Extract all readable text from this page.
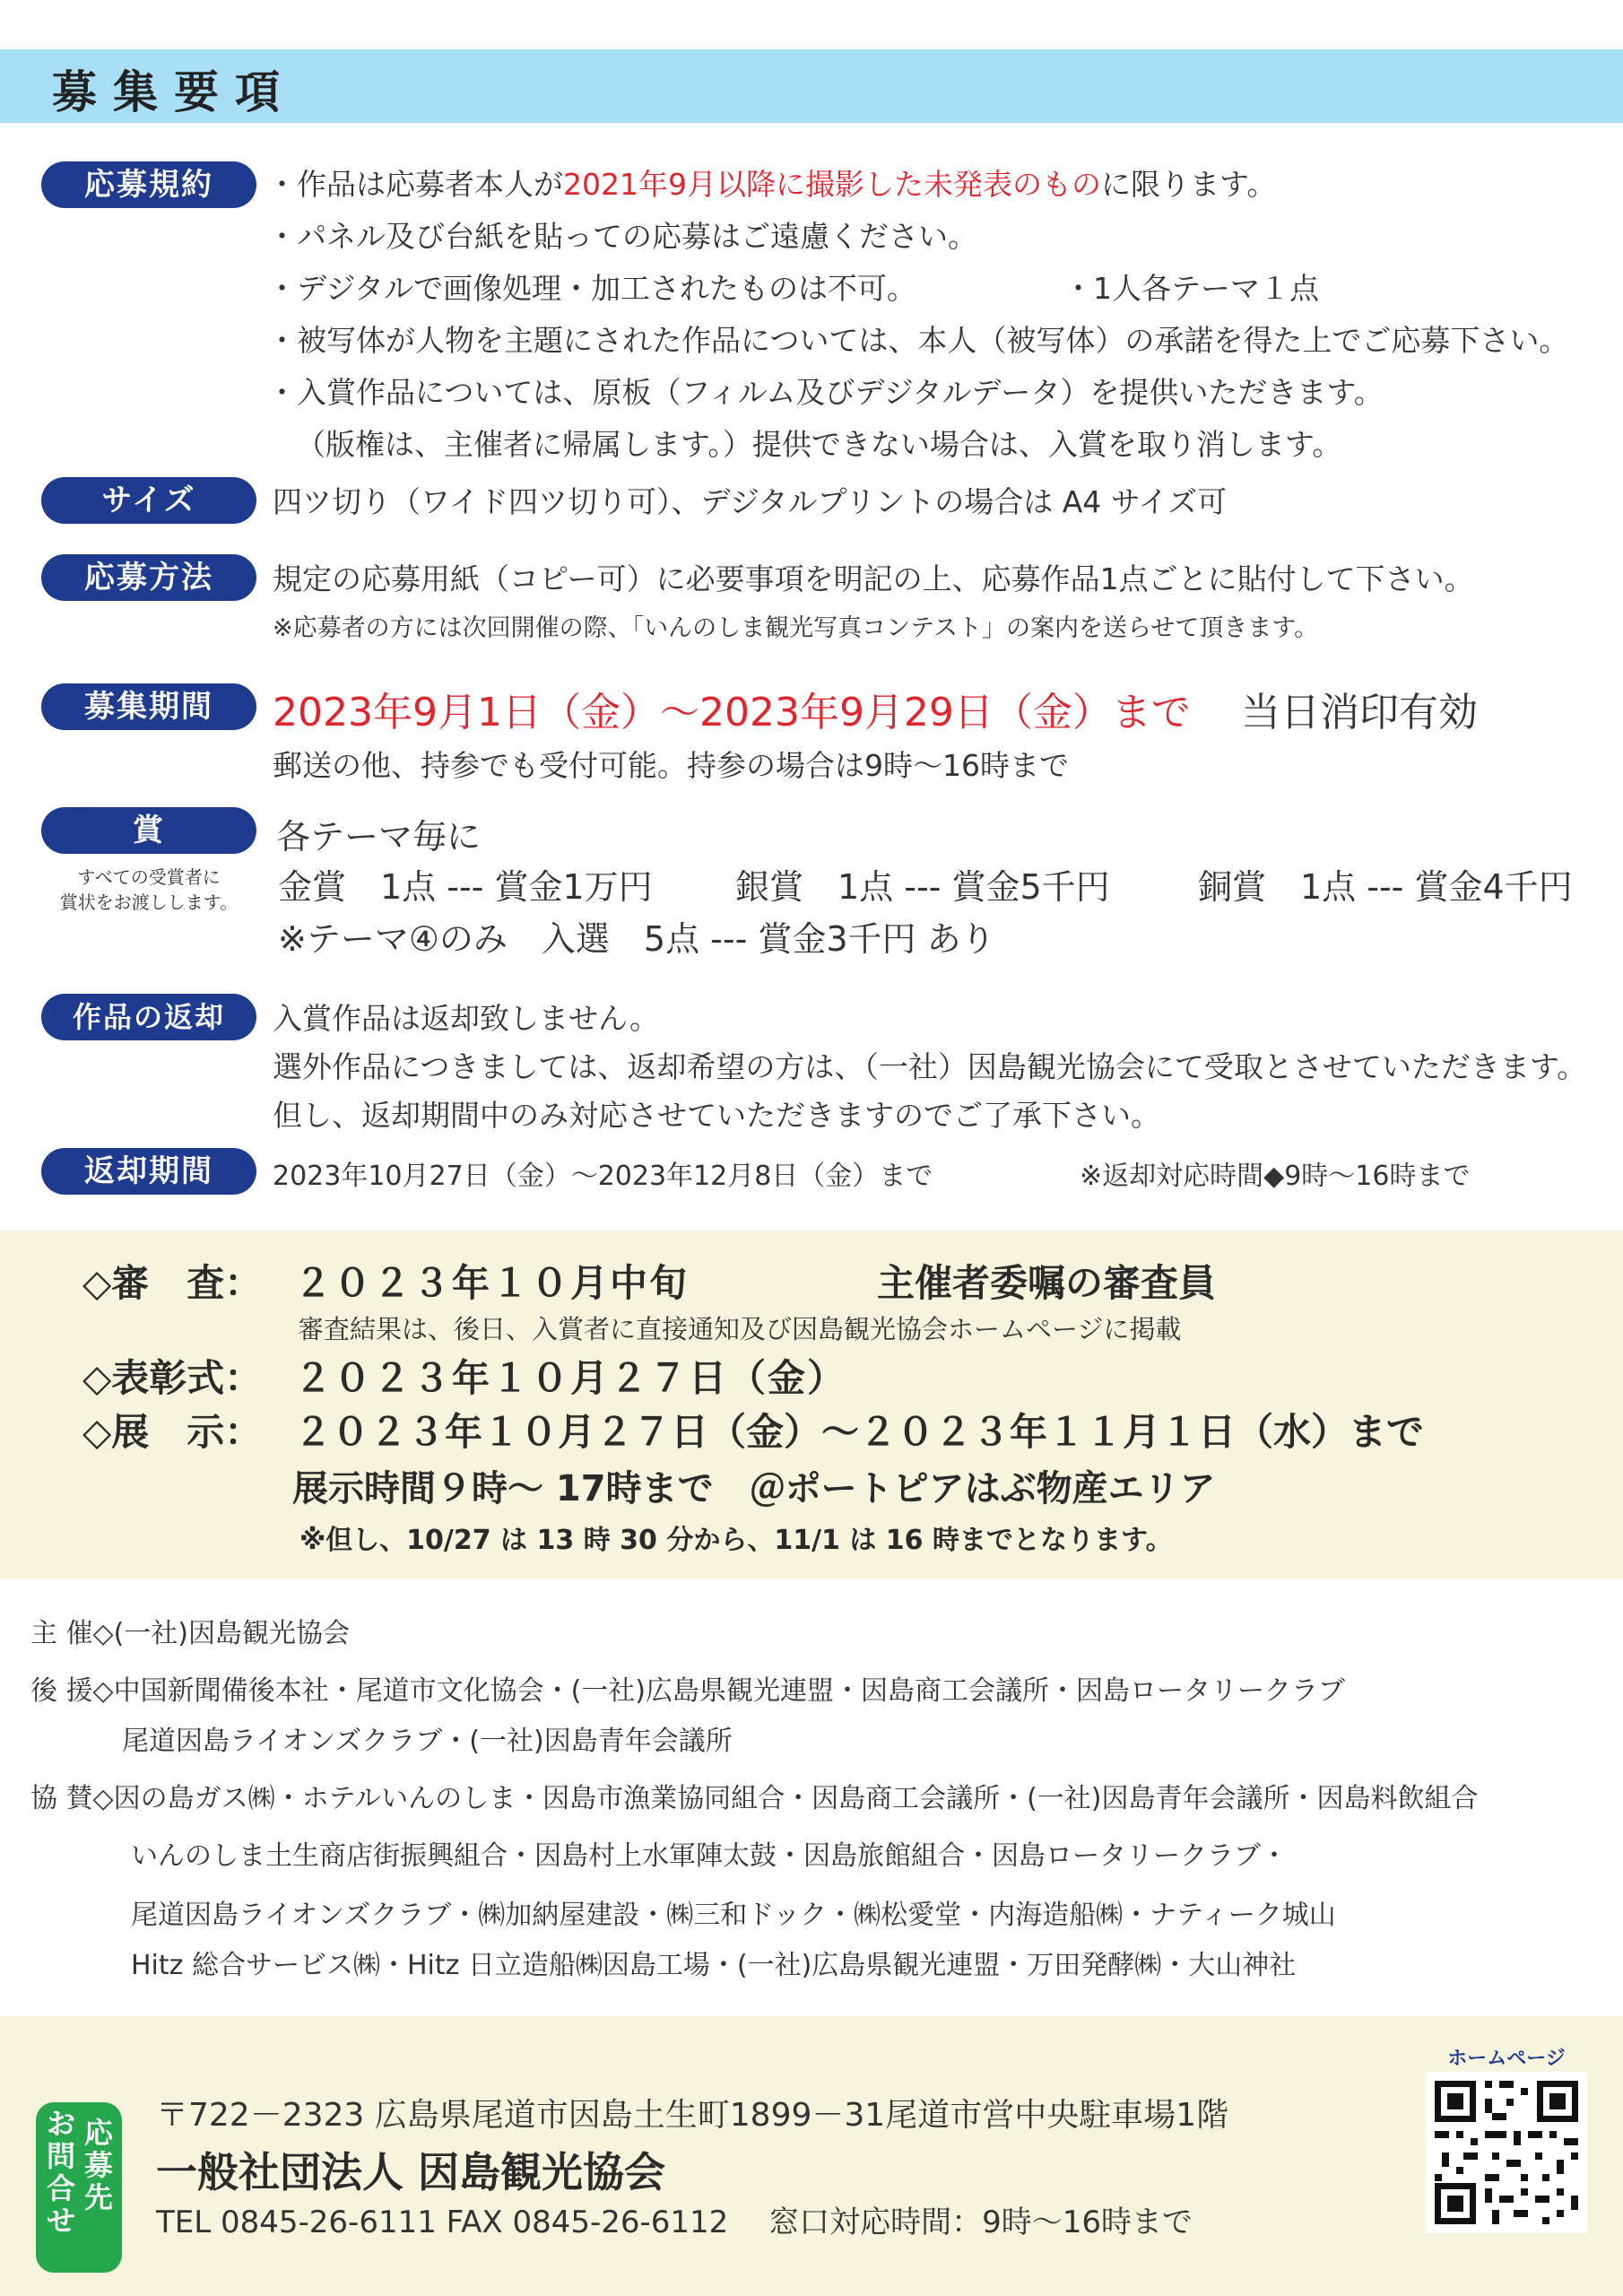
募集要項
応募規約	・作品は応募者本人が2021年9月以降に撮影した未発表のものに限ります。
・パネル及び台紙を貼っての応募はご遠慮ください。
・デジタルで画像処理・加工されたものは不可。	・1人各テーマ１点
・被写体が人物を主題にされた作品については、本人（被写体）の承諾を得た上でご応募下さい。
・入賞作品については、原板（フィルム及びデジタルデータ）を提供いただきます。
（版権は、主催者に帰属します。）提供できない場合は、入賞を取り消します。
サイズ	四ツ切り（ワイド四ツ切り可）、デジタルプリントの場合は A4 サイズ可
応募方法	規定の応募用紙（コピー可）に必要事項を明記の上、応募作品1点ごとに貼付して下さい。
※応募者の方には次回開催の際、「いんのしま観光写真コンテスト」の案内を送らせて頂きます。
募集期間	2023年9月1日（金）～2023年9月29日（金）まで 当日消印有効
郵送の他、持参でも受付可能。持参の場合は9時～16時まで
賞
すべての受賞者に
賞状をお渡しします。
各テーマ毎に
金賞　1点 --- 賞金1万円 銀賞　1点 --- 賞金5千円	銅賞　1点 --- 賞金4千円
※テーマ④のみ　入選　5点 --- 賞金3千円 あり
作品の返却	入賞作品は返却致しません。
選外作品につきましては、返却希望の方は、（一社）因島観光協会にて受取とさせていただきます。
但し、返却期間中のみ対応させていただきますのでご了承下さい。
返却期間	2023年10月27日（金）～2023年12月8日（金）まで	※返却対応時間◆9時～16時まで
◇審　査： ２０２３年１０月中旬	主催者委嘱の審査員
審査結果は、後日、入賞者に直接通知及び因島観光協会ホームページに掲載
◇表彰式： ２０２３年１０月２７日（金）
◇展　示： ２０２３年１０月２７日（金）～２０２３年１１月１日（水）まで
展示時間９時～ 17時まで　＠ポートピアはぶ物産エリア
※但し、10/27 は 13 時 30 分から、11/1 は 16 時までとなります。
主 催◇(一社)因島観光協会
後 援◇中国新聞備後本社・尾道市文化協会・(一社)広島県観光連盟・因島商工会議所・因島ロータリークラブ
尾道因島ライオンズクラブ・(一社)因島青年会議所
協 賛◇因の島ガス㈱・ホテルいんのしま・因島市漁業協同組合・因島商工会議所・(一社)因島青年会議所・因島料飲組合
いんのしま土生商店街振興組合・因島村上水軍陣太鼓・因島旅館組合・因島ロータリークラブ・
尾道因島ライオンズクラブ・㈱加納屋建設・㈱三和ドック・㈱松愛堂・内海造船㈱・ナティーク城山
Hitz 総合サービス㈱・Hitz 日立造船㈱因島工場・(一社)広島県観光連盟・万田発酵㈱・大山神社
応募先
お問合せ
〒722－2323 広島県尾道市因島土生町1899－31尾道市営中央駐車場1階
一般社団法人 因島観光協会
TEL 0845-26-6111 FAX 0845-26-6112　 窓口対応時間：9時～16時まで
ホームページ
